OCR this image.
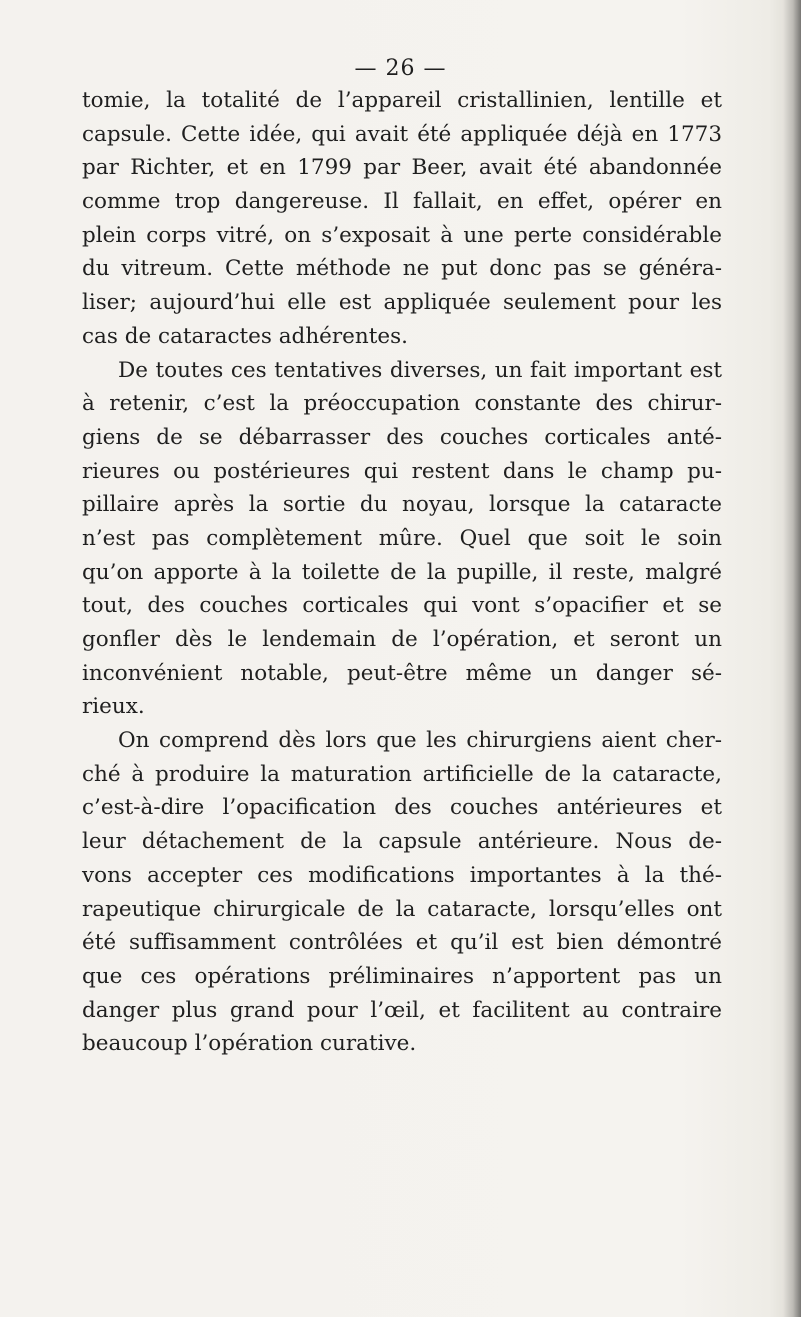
— 26 —
tomie, la totalité de l’appareil cristallinien, lentille et
capsule. Cette idée, qui avait été appliquée déjà en 1773
par Richter, et en 1799 par Beer, avait été abandonnée
comme trop dangereuse. Il fallait, en effet, opérer en
plein corps vitré, on s’exposait à une perte considérable
du vitreum. Cette méthode ne put donc pas se généra-
liser; aujourd’hui elle est appliquée seulement pour les
cas de cataractes adhérentes.
De toutes ces tentatives diverses, un fait important est
à retenir, c’est la préoccupation constante des chirur-
giens de se débarrasser des couches corticales anté-
rieures ou postérieures qui restent dans le champ pu-
pillaire après la sortie du noyau, lorsque la cataracte
n’est pas complètement mûre. Quel que soit le soin
qu’on apporte à la toilette de la pupille, il reste, malgré
tout, des couches corticales qui vont s’opacifier et se
gonfler dès le lendemain de l’opération, et seront un
inconvénient notable, peut-être même un danger sé-
rieux.
On comprend dès lors que les chirurgiens aient cher-
ché à produire la maturation artificielle de la cataracte,
c’est-à-dire l’opacification des couches antérieures et
leur détachement de la capsule antérieure. Nous de-
vons accepter ces modifications importantes à la thé-
rapeutique chirurgicale de la cataracte, lorsqu’elles ont
été suffisamment contrôlées et qu’il est bien démontré
que ces opérations préliminaires n’apportent pas un
danger plus grand pour l’œil, et facilitent au contraire
beaucoup l’opération curative.
